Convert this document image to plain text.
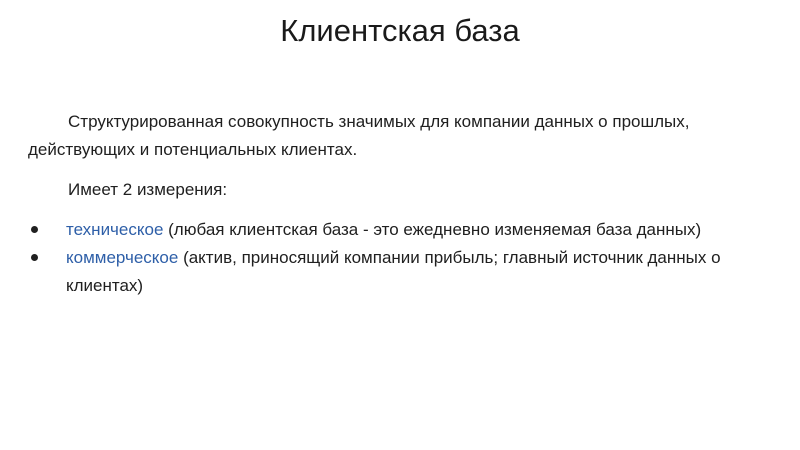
Клиентская база

Структурированная совокупность значимых для компании данных о прошлых, действующих и потенциальных клиентах.

Имеет 2 измерения:

техническое (любая клиентская база - это ежедневно изменяемая база данных)
коммерческое (актив, приносящий компании прибыль; главный источник данных о клиентах)
